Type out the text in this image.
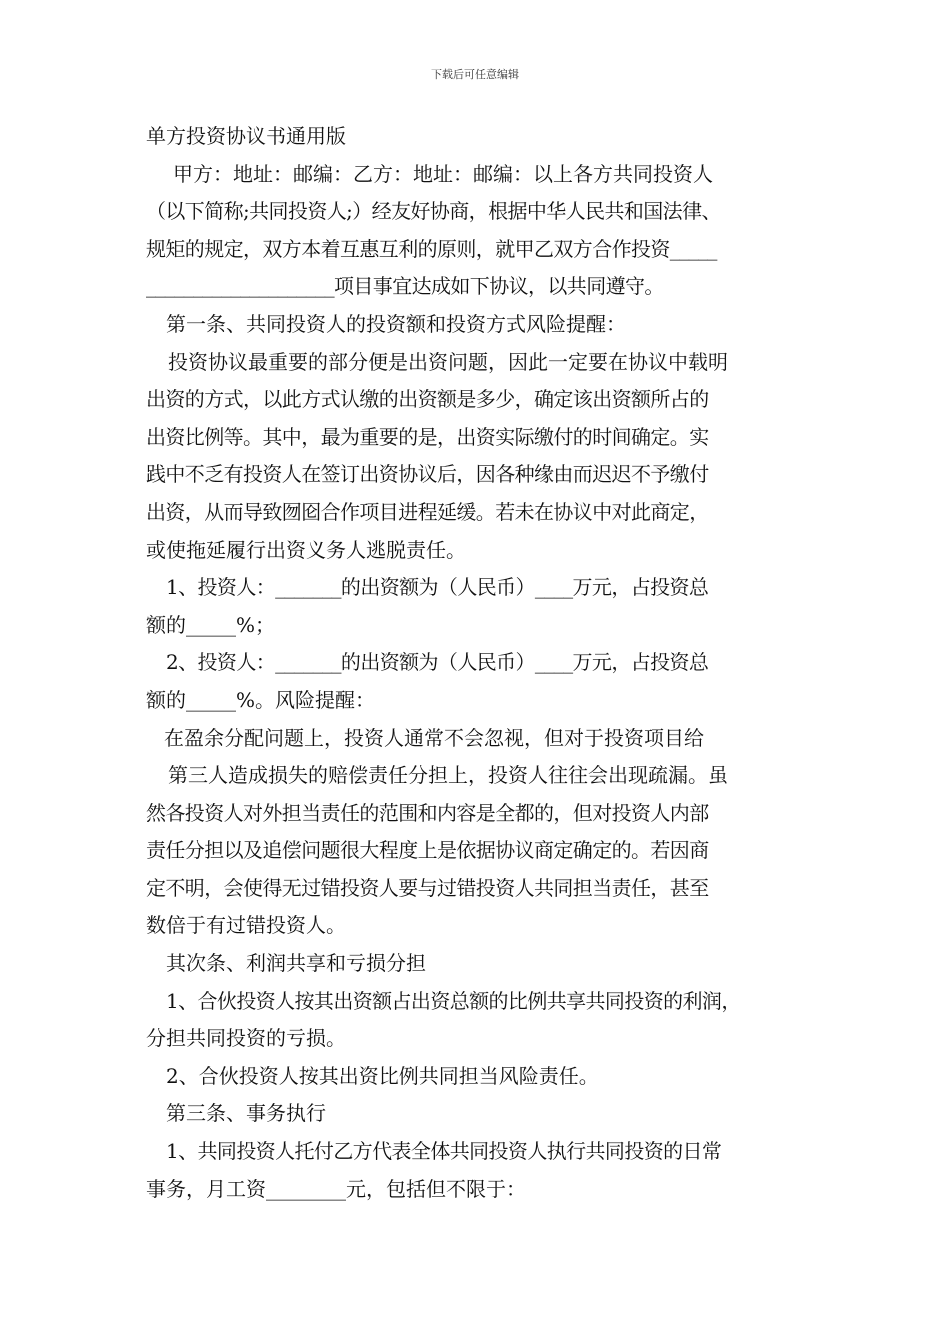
下载后可任意编辑
单方投资协议书通用版
甲方：地址：邮编：乙方：地址：邮编：以上各方共同投资人
（以下简称;共同投资人;）经友好协商，根据中华人民共和国法律、
规矩的规定，双方本着互惠互利的原则，就甲乙双方合作投资_____
____________________项目事宜达成如下协议，以共同遵守。
第一条、共同投资人的投资额和投资方式风险提醒：
投资协议最重要的部分便是出资问题，因此一定要在协议中载明
出资的方式，以此方式认缴的出资额是多少，确定该出资额所占的
出资比例等。其中，最为重要的是，出资实际缴付的时间确定。实
践中不乏有投资人在签订出资协议后，因各种缘由而迟迟不予缴付
出资，从而导致囫囵合作项目进程延缓。若未在协议中对此商定，
或使拖延履行出资义务人逃脱责任。
1、投资人：_______的出资额为（人民币）____万元，占投资总
额的_____%；
2、投资人：_______的出资额为（人民币）____万元，占投资总
额的_____%。风险提醒：
在盈余分配问题上，投资人通常不会忽视，但对于投资项目给
第三人造成损失的赔偿责任分担上，投资人往往会出现疏漏。虽
然各投资人对外担当责任的范围和内容是全都的，但对投资人内部
责任分担以及追偿问题很大程度上是依据协议商定确定的。若因商
定不明，会使得无过错投资人要与过错投资人共同担当责任，甚至
数倍于有过错投资人。
其次条、利润共享和亏损分担
1、合伙投资人按其出资额占出资总额的比例共享共同投资的利润，
分担共同投资的亏损。
2、合伙投资人按其出资比例共同担当风险责任。
第三条、事务执行
1、共同投资人托付乙方代表全体共同投资人执行共同投资的日常
事务，月工资________元，包括但不限于：
